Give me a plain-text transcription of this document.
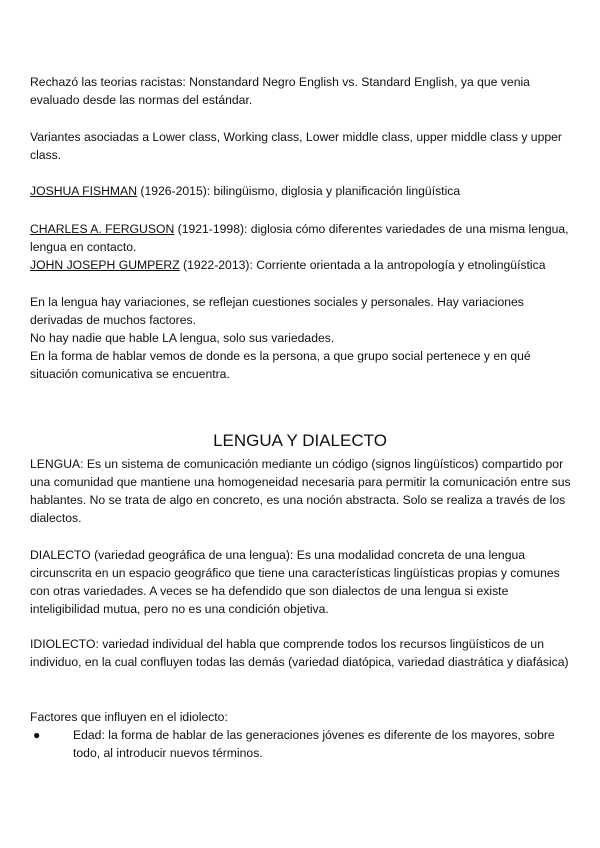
Rechazó las teorias racistas: Nonstandard Negro English vs. Standard English, ya que venia evaluado desde las normas del estándar.

Variantes asociadas a Lower class, Working class, Lower middle class, upper middle class y upper class.

JOSHUA FISHMAN (1926-2015): bilingüismo, diglosia y planificación lingüística

CHARLES A. FERGUSON (1921-1998): diglosia cómo diferentes variedades de una misma lengua, lengua en contacto.

JOHN JOSEPH GUMPERZ (1922-2013): Corriente orientada a la antropología y etnolingüística

En la lengua hay variaciones, se reflejan cuestiones sociales y personales. Hay variaciones derivadas de muchos factores.

No hay nadie que hable LA lengua, solo sus variedades.

En la forma de hablar vemos de donde es la persona, a que grupo social pertenece y en qué situación comunicativa se encuentra.

LENGUA Y DIALECTO

LENGUA: Es un sistema de comunicación mediante un código (signos lingüísticos) compartido por una comunidad que mantiene una homogeneidad necesaria para permitir la comunicación entre sus hablantes. No se trata de algo en concreto, es una noción abstracta. Solo se realiza a través de los dialectos.

DIALECTO (variedad geográfica de una lengua): Es una modalidad concreta de una lengua circunscrita en un espacio geográfico que tiene una características lingüísticas propias y comunes con otras variedades. A veces se ha defendido que son dialectos de una lengua si existe inteligibilidad mutua, pero no es una condición objetiva.

IDIOLECTO: variedad individual del habla que comprende todos los recursos lingüísticos de un individuo, en la cual confluyen todas las demás (variedad diatópica, variedad diastrática y diafásica)

Factores que influyen en el idiolecto:

●	Edad: la forma de hablar de las generaciones jóvenes es diferente de los mayores, sobre todo, al introducir nuevos términos.
